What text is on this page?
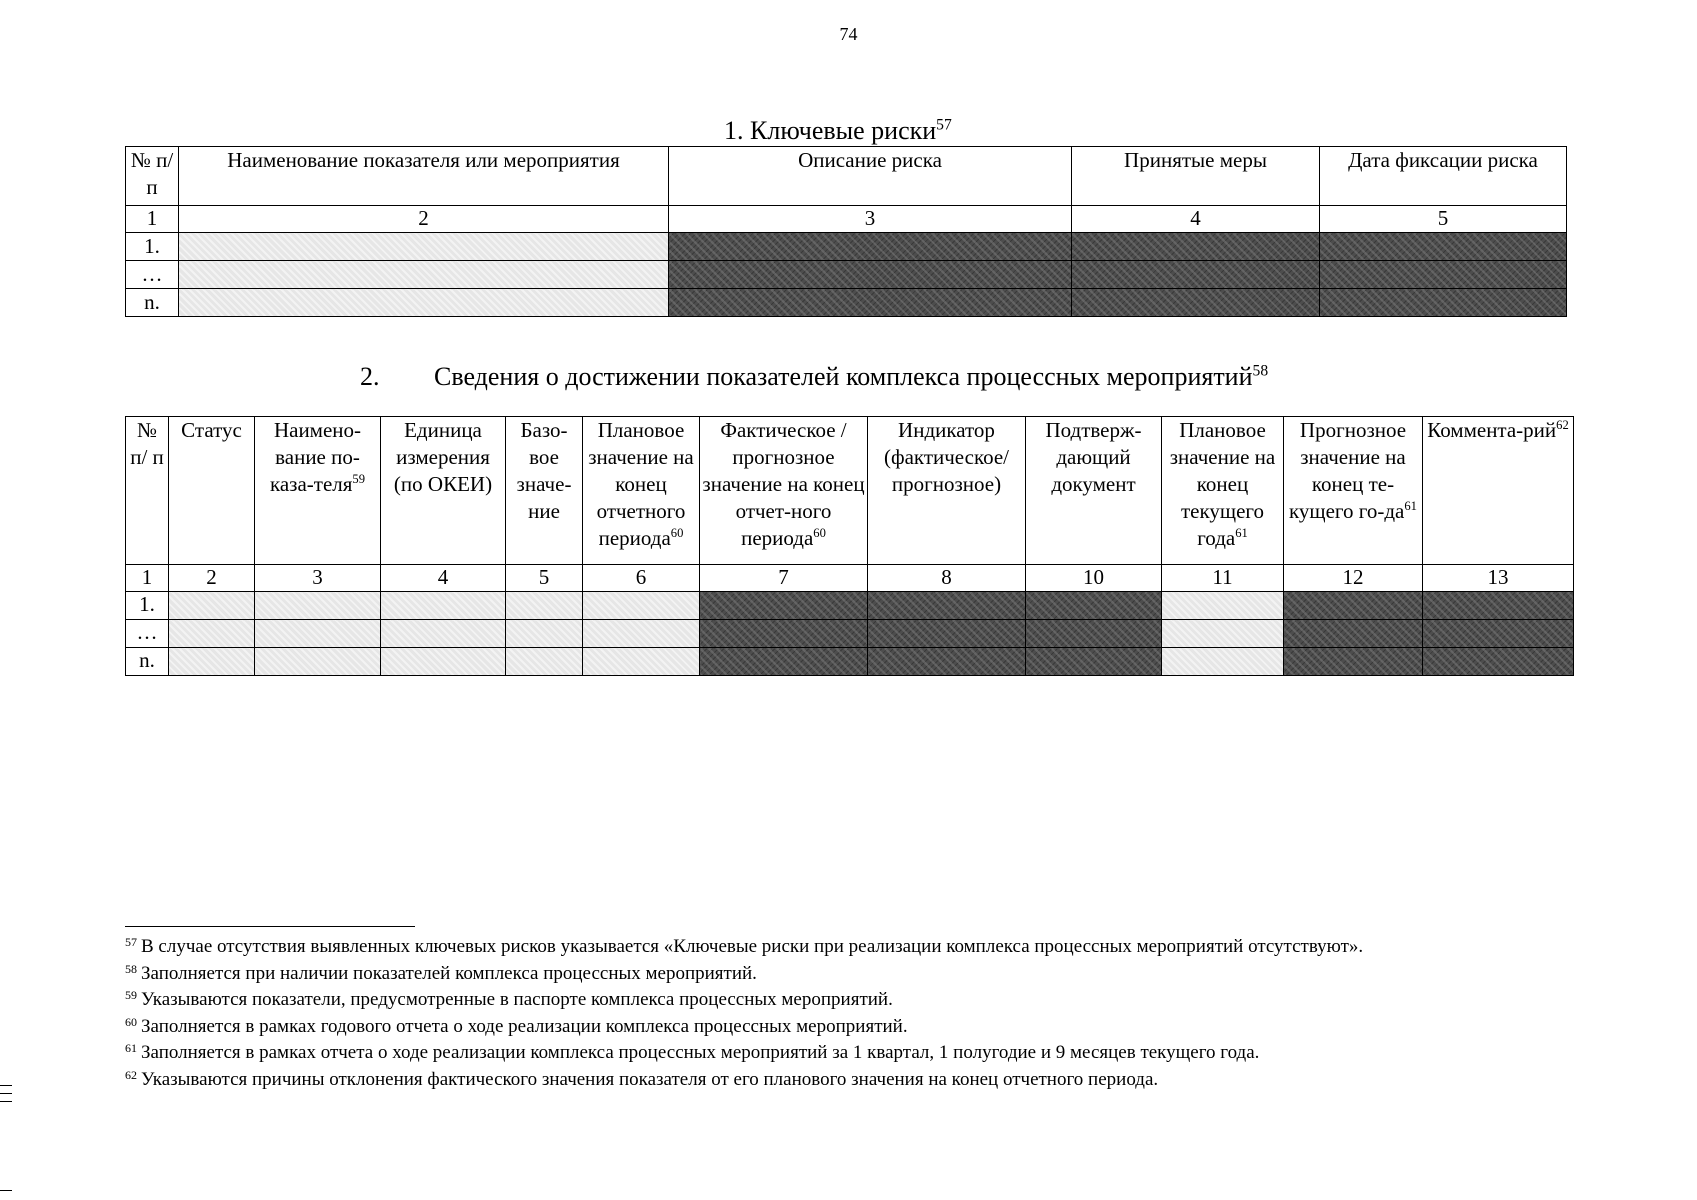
74
1. Ключевые риски$^{57}$
№ п/п	Наименование показателя или мероприятия	Описание риска	Принятые меры	Дата фиксации риска
1	2	3	4	5
1.				
…				
n.				
2. Сведения о достижении показателей комплекса процессных мероприятий$^{58}$
№ п/ п	Статус	Наимено-вание по-каза-теля$^{59}$	Единица измерения (по ОКЕИ)	Базо-вое значе-ние	Плановое значение на конец отчетного периода$^{60}$	Фактическое / прогнозное значение на конец отчет-ного периода$^{60}$	Индикатор (фактическое/ прогнозное)	Подтверж-дающий документ	Плановое значение на конец текущего года$^{61}$	Прогнозное значение на конец те-кущего $го-да^{61}$	Коммента-рий$^{62}$
1	2	3	4	5	6	7	8	10	11	12	13
1.											
…											
n.											
$^{57}$ В случае отсутствия выявленных ключевых рисков указывается «Ключевые риски при реализации комплекса процессных мероприятий отсутствуют».
$^{58}$ Заполняется при наличии показателей комплекса процессных мероприятий.
$^{59}$ Указываются показатели, предусмотренные в паспорте комплекса процессных мероприятий.
$^{60}$ Заполняется в рамках годового отчета о ходе реализации комплекса процессных мероприятий.
$^{61}$ Заполняется в рамках отчета о ходе реализации комплекса процессных мероприятий за 1 квартал, 1 полугодие и 9 месяцев текущего года.
$^{62}$ Указываются причины отклонения фактического значения показателя от его планового значения на конец отчетного периода.
